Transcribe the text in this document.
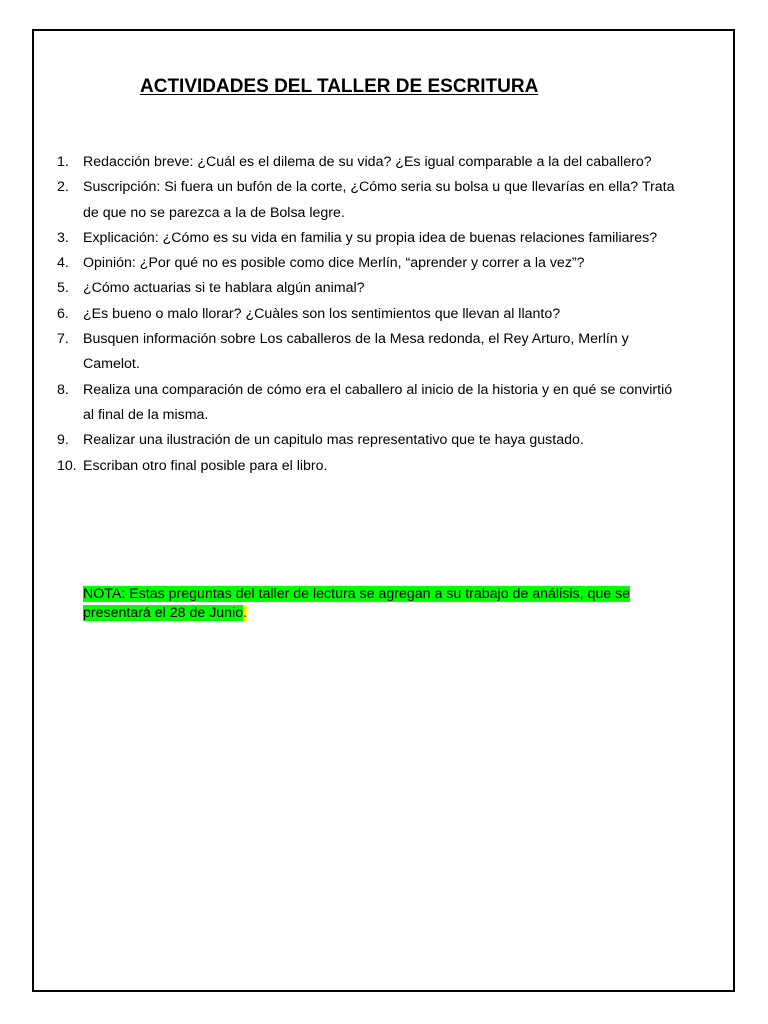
ACTIVIDADES DEL TALLER DE ESCRITURA
1. Redacción breve: ¿Cuál es el dilema de su vida? ¿Es igual comparable a la del caballero?
2. Suscripción: Si fuera un bufón de la corte, ¿Cómo seria su bolsa u que llevarías en ella? Trata de que no se parezca a la de Bolsa legre.
3. Explicación: ¿Cómo es su vida en familia y su propia idea de buenas relaciones familiares?
4. Opinión: ¿Por qué no es posible como dice Merlín, “aprender y correr a la vez”?
5. ¿Cómo actuarias si te hablara algún animal?
6. ¿Es bueno o malo llorar? ¿Cuàles son los sentimientos que llevan al llanto?
7. Busquen información sobre Los caballeros de la Mesa redonda, el Rey Arturo, Merlín y Camelot.
8. Realiza una comparación de cómo era el caballero al inicio de la historia y en qué se convirtió al final de la misma.
9. Realizar una ilustración de un capitulo mas representativo que te haya gustado.
10. Escriban otro final posible para el libro.

NOTA: Estas preguntas del taller de lectura se agregan a su trabajo de análisis, que se presentará el 28 de Junio.
